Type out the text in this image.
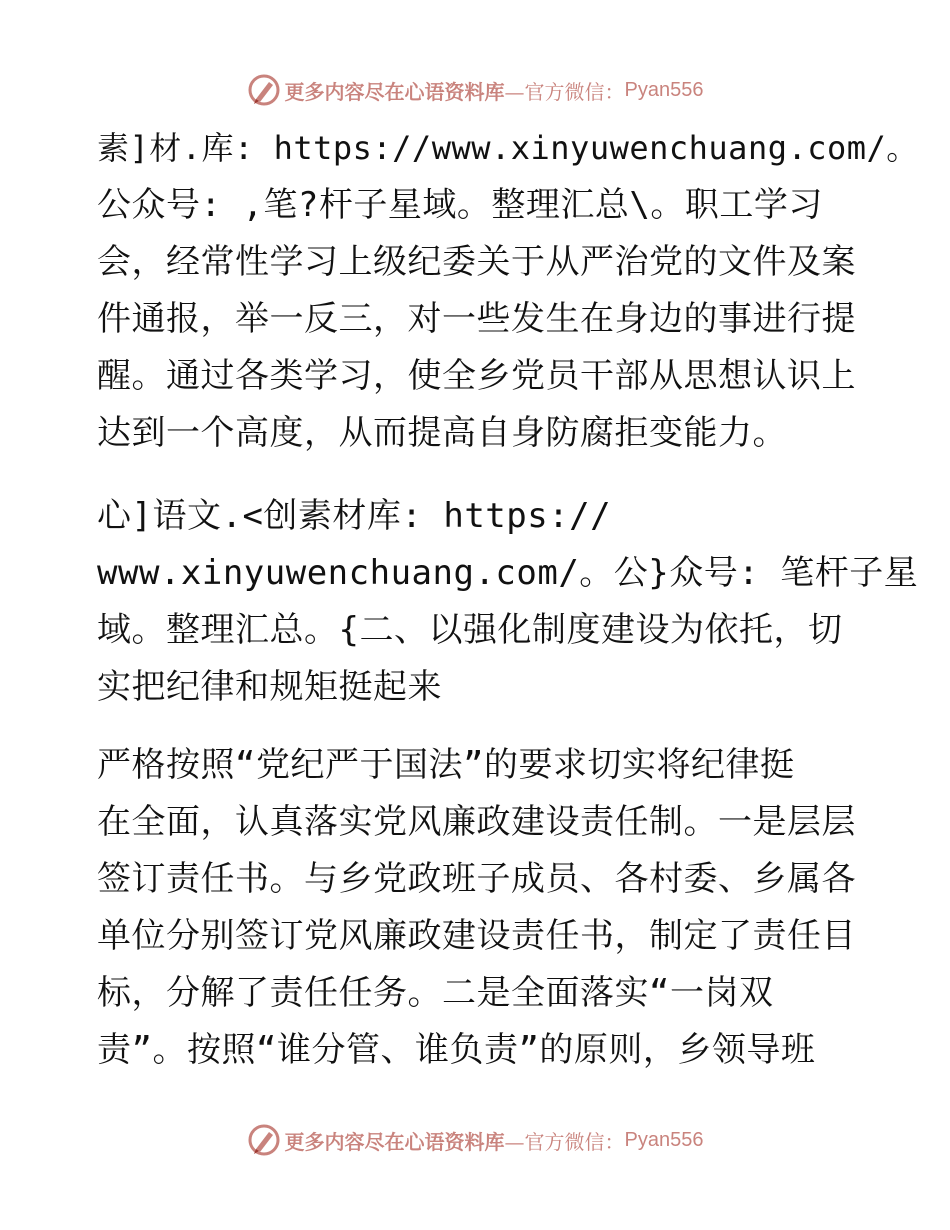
更多内容尽在心语资料库 —官方微信： Pyan556
素]材.库: https://www.xinyuwenchuang.com/。
公众号: ,笔?杆子星域。整理汇总\。职工学习
会，经常性学习上级纪委关于从严治党的文件及案
件通报，举一反三，对一些发生在身边的事进行提
醒。通过各类学习，使全乡党员干部从思想认识上
达到一个高度，从而提高自身防腐拒变能力。
心]语文.<创素材库: https://
www.xinyuwenchuang.com/。公}众号: 笔杆子星
域。整理汇总。{二、以强化制度建设为依托，切
实把纪律和规矩挺起来
严格按照“党纪严于国法”的要求切实将纪律挺
在全面，认真落实党风廉政建设责任制。一是层层
签订责任书。与乡党政班子成员、各村委、乡属各
单位分别签订党风廉政建设责任书，制定了责任目
标，分解了责任任务。二是全面落实“一岗双
责”。按照“谁分管、谁负责”的原则，乡领导班
更多内容尽在心语资料库 —官方微信： Pyan556
